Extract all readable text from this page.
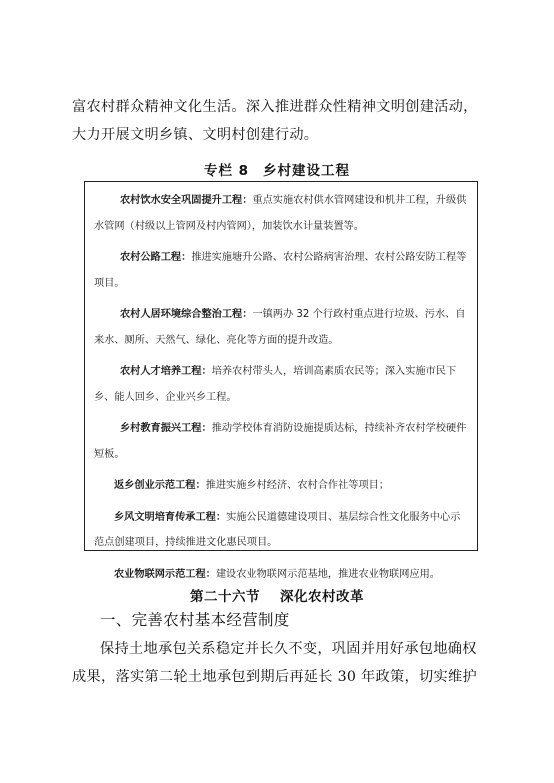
富农村群众精神文化生活。深入推进群众性精神文明创建活动，
大力开展文明乡镇、文明村创建行动。
专栏 8 乡村建设工程
农村饮水安全巩固提升工程：重点实施农村供水管网建设和机井工程，升级供水管网（村级以上管网及村内管网），加装饮水计量装置等。
农村公路工程：推进实施塘升公路、农村公路病害治理、农村公路安防工程等项目。
农村人居环境综合整治工程：一镇两办 32 个行政村重点进行垃圾、污水、自来水、厕所、天然气、绿化、亮化等方面的提升改造。
农村人才培养工程：培养农村带头人，培训高素质农民等；深入实施市民下乡、能人回乡、企业兴乡工程。
乡村教育振兴工程：推动学校体育消防设施提质达标，持续补齐农村学校硬件短板。
返乡创业示范工程：推进实施乡村经济、农村合作社等项目；
乡风文明培育传承工程：实施公民道德建设项目、基层综合性文化服务中心示范点创建项目，持续推进文化惠民项目。
农业物联网示范工程：建设农业物联网示范基地，推进农业物联网应用。
第二十六节 深化农村改革
一、完善农村基本经营制度
保持土地承包关系稳定并长久不变，巩固并用好承包地确权
成果，落实第二轮土地承包到期后再延长 30 年政策，切实维护
